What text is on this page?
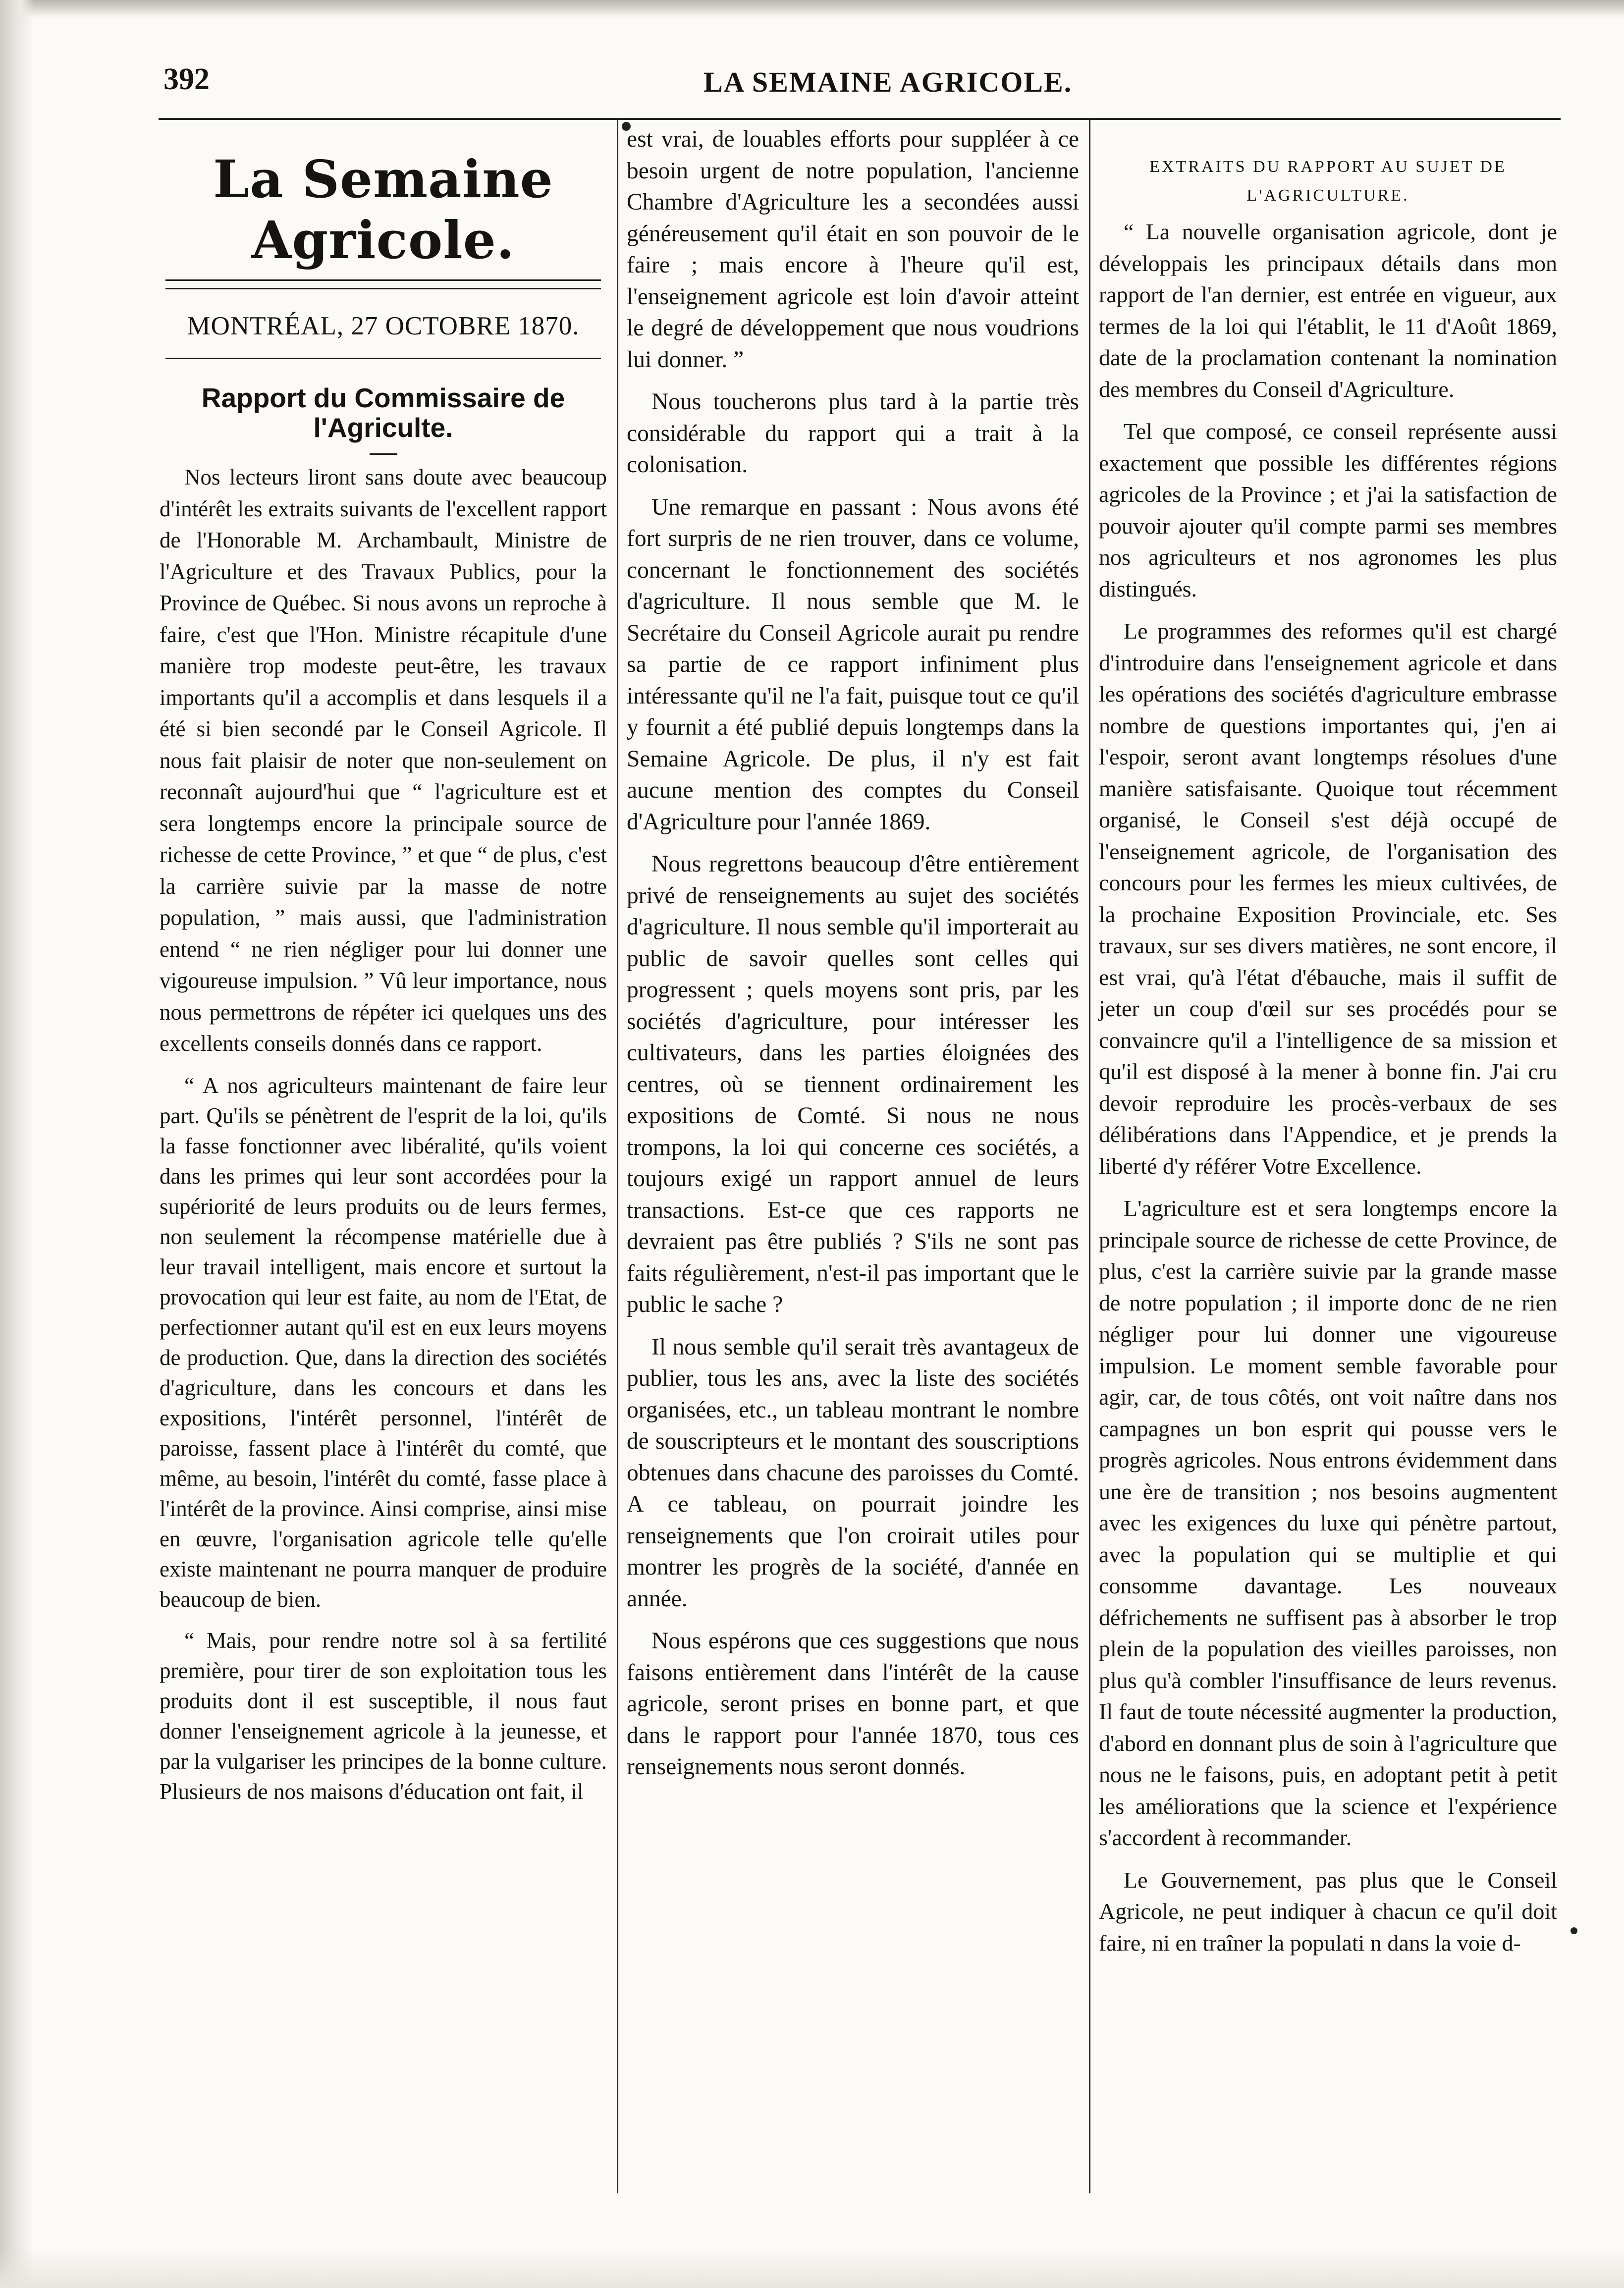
392	LA SEMAINE AGRICOLE.
La Semaine Agricole.
MONTRÉAL, 27 OCTOBRE 1870.
Rapport du Commissaire de l'Agriculte.

Nos lecteurs liront sans doute avec beaucoup d'intérêt les extraits suivants de l'excellent rapport de l'Honorable M. Archambault, Ministre de l'Agriculture et des Travaux Publics, pour la Province de Québec. Si nous avons un reproche à faire, c'est que l'Hon. Ministre récapitule d'une manière trop modeste peut-être, les travaux importants qu'il a accomplis et dans lesquels il a été si bien secondé par le Conseil Agricole. Il nous fait plaisir de noter que non-seulement on reconnaît aujourd'hui que “ l'agriculture est et sera longtemps encore la principale source de richesse de cette Province, ” et que “ de plus, c'est la carrière suivie par la masse de notre population, ” mais aussi, que l'administration entend “ ne rien négliger pour lui donner une vigoureuse impulsion. ” Vû leur importance, nous nous permettrons de répéter ici quelques uns des excellents conseils donnés dans ce rapport.

“ A nos agriculteurs maintenant de faire leur part. Qu'ils se pénètrent de l'esprit de la loi, qu'ils la fasse fonctionner avec libéralité, qu'ils voient dans les primes qui leur sont accordées pour la supériorité de leurs produits ou de leurs fermes, non seulement la récompense matérielle due à leur travail intelligent, mais encore et surtout la provocation qui leur est faite, au nom de l'Etat, de perfectionner autant qu'il est en eux leurs moyens de production. Que, dans la direction des sociétés d'agriculture, dans les concours et dans les expositions, l'intérêt personnel, l'intérêt de paroisse, fassent place à l'intérêt du comté, que même, au besoin, l'intérêt du comté, fasse place à l'intérêt de la province. Ainsi comprise, ainsi mise en œuvre, l'organisation agricole telle qu'elle existe maintenant ne pourra manquer de produire beaucoup de bien.

“ Mais, pour rendre notre sol à sa fertilité première, pour tirer de son exploitation tous les produits dont il est susceptible, il nous faut donner l'enseignement agricole à la jeunesse, et par la vulgariser les principes de la bonne culture. Plusieurs de nos maisons d'éducation ont fait, il

est vrai, de louables efforts pour suppléer à ce besoin urgent de notre population, l'ancienne Chambre d'Agriculture les a secondées aussi généreusement qu'il était en son pouvoir de le faire ; mais encore à l'heure qu'il est, l'enseignement agricole est loin d'avoir atteint le degré de développement que nous voudrions lui donner. ”

Nous toucherons plus tard à la partie très considérable du rapport qui a trait à la colonisation.

Une remarque en passant : Nous avons été fort surpris de ne rien trouver, dans ce volume, concernant le fonctionnement des sociétés d'agriculture. Il nous semble que M. le Secrétaire du Conseil Agricole aurait pu rendre sa partie de ce rapport infiniment plus intéressante qu'il ne l'a fait, puisque tout ce qu'il y fournit a été publié depuis longtemps dans la Semaine Agricole. De plus, il n'y est fait aucune mention des comptes du Conseil d'Agriculture pour l'année 1869.

Nous regrettons beaucoup d'être entièrement privé de renseignements au sujet des sociétés d'agriculture. Il nous semble qu'il importerait au public de savoir quelles sont celles qui progressent ; quels moyens sont pris, par les sociétés d'agriculture, pour intéresser les cultivateurs, dans les parties éloignées des centres, où se tiennent ordinairement les expositions de Comté. Si nous ne nous trompons, la loi qui concerne ces sociétés, a toujours exigé un rapport annuel de leurs transactions. Est-ce que ces rapports ne devraient pas être publiés ? S'ils ne sont pas faits régulièrement, n'est-il pas important que le public le sache ?

Il nous semble qu'il serait très avantageux de publier, tous les ans, avec la liste des sociétés organisées, etc., un tableau montrant le nombre de souscripteurs et le montant des souscriptions obtenues dans chacune des paroisses du Comté. A ce tableau, on pourrait joindre les renseignements que l'on croirait utiles pour montrer les progrès de la société, d'année en année.

Nous espérons que ces suggestions que nous faisons entièrement dans l'intérêt de la cause agricole, seront prises en bonne part, et que dans le rapport pour l'année 1870, tous ces renseignements nous seront donnés.

EXTRAITS DU RAPPORT AU SUJET DE L'AGRICULTURE.

“ La nouvelle organisation agricole, dont je développais les principaux détails dans mon rapport de l'an dernier, est entrée en vigueur, aux termes de la loi qui l'établit, le 11 d'Août 1869, date de la proclamation contenant la nomination des membres du Conseil d'Agriculture.

Tel que composé, ce conseil représente aussi exactement que possible les différentes régions agricoles de la Province ; et j'ai la satisfaction de pouvoir ajouter qu'il compte parmi ses membres nos agriculteurs et nos agronomes les plus distingués.

Le programmes des reformes qu'il est chargé d'introduire dans l'enseignement agricole et dans les opérations des sociétés d'agriculture embrasse nombre de questions importantes qui, j'en ai l'espoir, seront avant longtemps résolues d'une manière satisfaisante. Quoique tout récemment organisé, le Conseil s'est déjà occupé de l'enseignement agricole, de l'organisation des concours pour les fermes les mieux cultivées, de la prochaine Exposition Provinciale, etc. Ses travaux, sur ses divers matières, ne sont encore, il est vrai, qu'à l'état d'ébauche, mais il suffit de jeter un coup d'œil sur ses procédés pour se convaincre qu'il a l'intelligence de sa mission et qu'il est disposé à la mener à bonne fin. J'ai cru devoir reproduire les procès-verbaux de ses délibérations dans l'Appendice, et je prends la liberté d'y référer Votre Excellence.

L'agriculture est et sera longtemps encore la principale source de richesse de cette Province, de plus, c'est la carrière suivie par la grande masse de notre population ; il importe donc de ne rien négliger pour lui donner une vigoureuse impulsion. Le moment semble favorable pour agir, car, de tous côtés, ont voit naître dans nos campagnes un bon esprit qui pousse vers le progrès agricoles. Nous entrons évidemment dans une ère de transition ; nos besoins augmentent avec les exigences du luxe qui pénètre partout, avec la population qui se multiplie et qui consomme davantage. Les nouveaux défrichements ne suffisent pas à absorber le trop plein de la population des vieilles paroisses, non plus qu'à combler l'insuffisance de leurs revenus. Il faut de toute nécessité augmenter la production, d'abord en donnant plus de soin à l'agriculture que nous ne le faisons, puis, en adoptant petit à petit les améliorations que la science et l'expérience s'accordent à recommander.

Le Gouvernement, pas plus que le Conseil Agricole, ne peut indiquer à chacun ce qu'il doit faire, ni en traîner la populati n dans la voie d-
